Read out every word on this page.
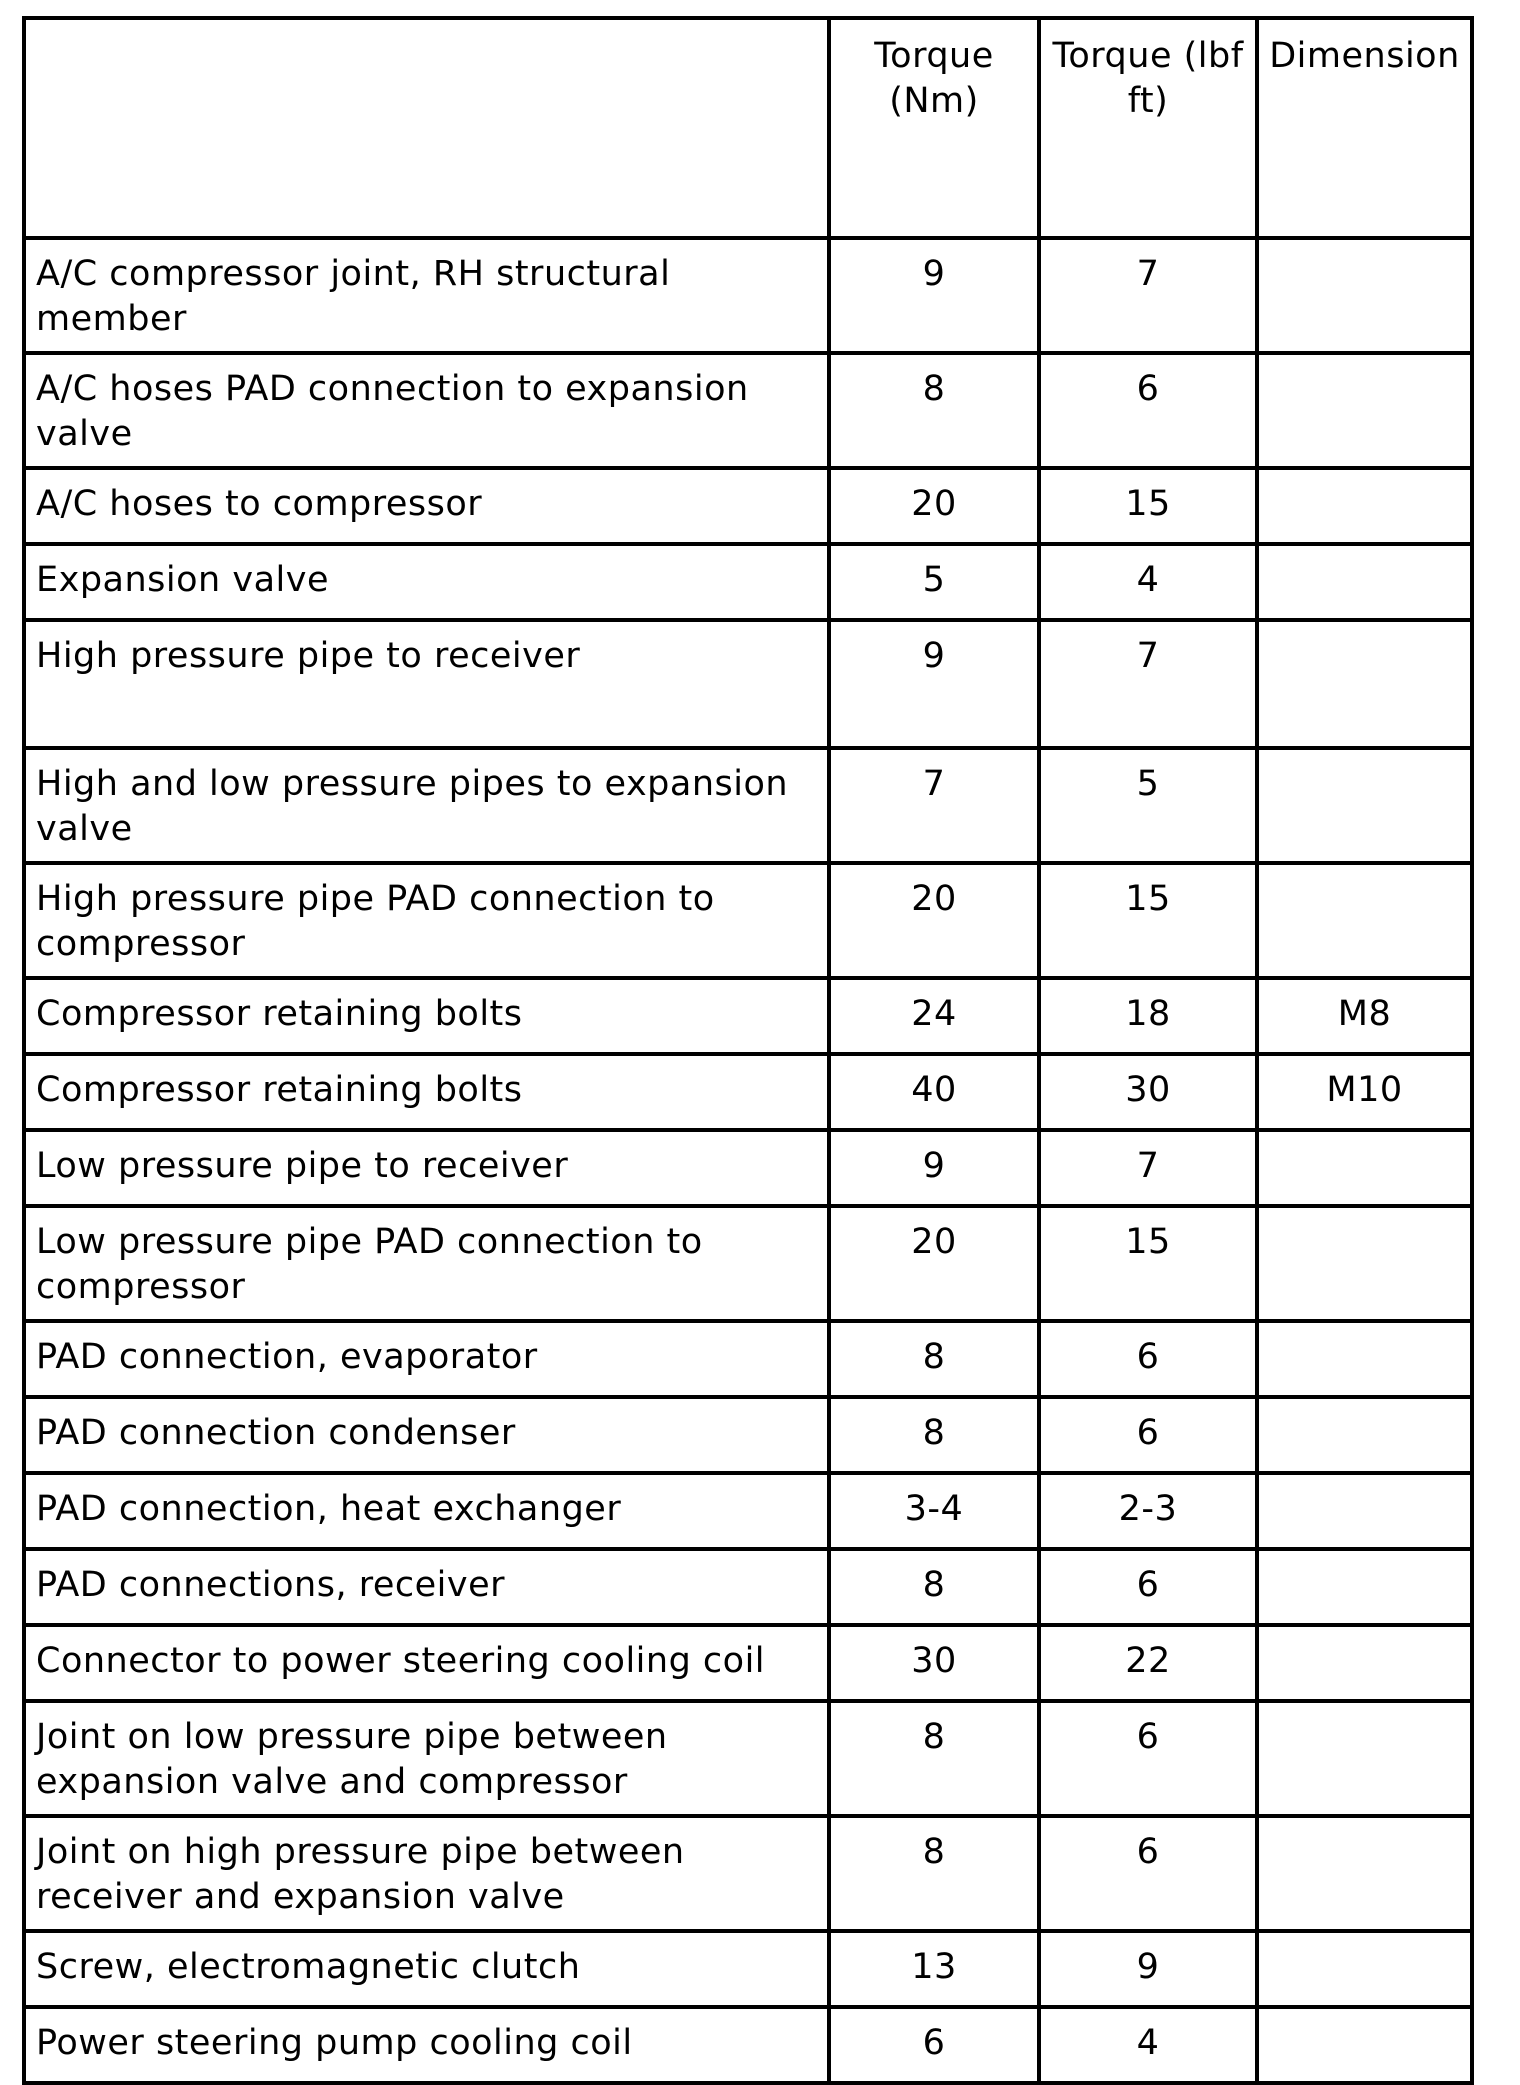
	Torque (Nm)	Torque (lbf ft)	Dimension
A/C compressor joint, RH structural member	9	7	
A/C hoses PAD connection to expansion valve	8	6	
A/C hoses to compressor	20	15	
Expansion valve	5	4	
High pressure pipe to receiver	9	7	
High and low pressure pipes to expansion valve	7	5	
High pressure pipe PAD connection to compressor	20	15	
Compressor retaining bolts	24	18	M8
Compressor retaining bolts	40	30	M10
Low pressure pipe to receiver	9	7	
Low pressure pipe PAD connection to compressor	20	15	
PAD connection, evaporator	8	6	
PAD connection condenser	8	6	
PAD connection, heat exchanger	3-4	2-3	
PAD connections, receiver	8	6	
Connector to power steering cooling coil	30	22	
Joint on low pressure pipe between expansion valve and compressor	8	6	
Joint on high pressure pipe between receiver and expansion valve	8	6	
Screw, electromagnetic clutch	13	9	
Power steering pump cooling coil	6	4	
